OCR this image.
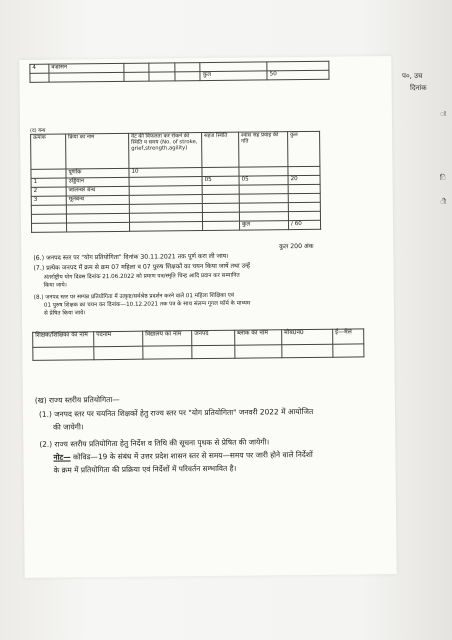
प०, उच
दिनांक
ा
ि
ी
4	वज्रासन					
					कुल	50
(द) बन्ध
क्रमांक	क्रिया का नाम	वेट की विफलता कर रोकने की स्थिति व समय (No. of stroke, grief,strength,agility)	सहज स्थिति	श्वास सह प्रवाह की गति	कुल
	पूर्णांक	10			
1	उड्डियान		05	05	20
2	जालन्धर बन्ध				
3	मूलबन्ध				

				कुल	/ 60
कुल 200 अंक
(6.) जनपद स्तर पर "योग प्रतियोगिता" दिनांक 30.11.2021 तक पूर्ण करा ली जाय।
(7.) प्रत्येक जनपद में क्रम से क्रम 07 महिला व 07 पुरुष शिक्षकों का चयन किया जायें तथा उन्हें
अंतर्राष्ट्रीय योग दिवस दिनांक 21.06.2022 को प्रमाण पत्र/स्मृति चिन्ह आदि प्रदान कर सम्मानित
किया जाये।
(8.) जनपद स्तर पर सम्पन्न प्रतियोगिता में उत्कृष्ट/सर्वश्रेष्ठ प्रदर्शन करने वाले 01 महिला शिक्षिका एवं
01 पुरुष शिक्षक का चयन कर दिनांक—10.12.2021 तक पत्र के साथ संलग्न गूगल फॉर्म के माध्यम
से प्रेषित किया जाये।
शिक्षक/शिक्षिका का नाम	पदनाम	विद्यालय का नाम	जनपद	ब्लाक का नाम	मोब0न0	ई—मेल

(ख) राज्य स्तरीय प्रतियोगिता—
(1.) जनपद स्तर पर चयनित शिक्षकों हेतु राज्य स्तर पर "योग प्रतियोगिता" जनवरी 2022 में आयोजित
की जायेगी।
(2.) राज्य स्तरीय प्रतियोगिता हेतु निर्देश व तिथि की सूचना पृथक से प्रेषित की जायेगी।
नोट— कोविड—19 के संबंध में उत्तर प्रदेश शासन स्तर से समय—समय पर जारी होने वाले निर्देशों
के क्रम में प्रतियोगिता की प्रक्रिया एवं निर्देशों में परिवर्तन सम्भावित है।
